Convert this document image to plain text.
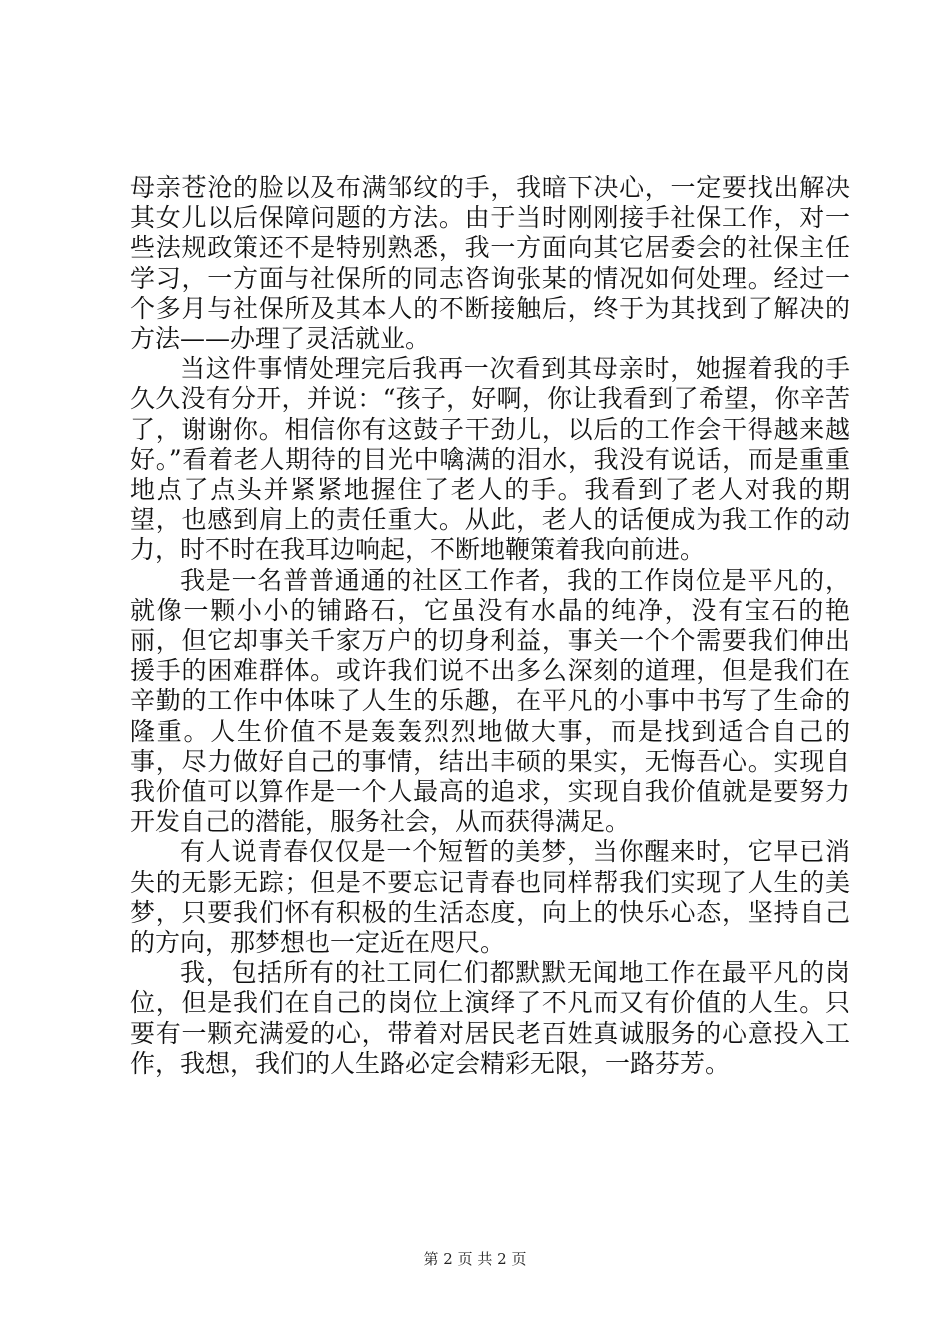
母亲苍沧的脸以及布满邹纹的手，我暗下决心，一定要找出解决其女儿以后保障问题的方法。由于当时刚刚接手社保工作，对一些法规政策还不是特别熟悉，我一方面向其它居委会的社保主任学习，一方面与社保所的同志咨询张某的情况如何处理。经过一个多月与社保所及其本人的不断接触后，终于为其找到了解决的方法——办理了灵活就业。

当这件事情处理完后我再一次看到其母亲时，她握着我的手久久没有分开，并说：“孩子，好啊，你让我看到了希望，你辛苦了，谢谢你。相信你有这鼓子干劲儿，以后的工作会干得越来越好。”看着老人期待的目光中噙满的泪水，我没有说话，而是重重地点了点头并紧紧地握住了老人的手。我看到了老人对我的期望，也感到肩上的责任重大。从此，老人的话便成为我工作的动力，时不时在我耳边响起，不断地鞭策着我向前进。

我是一名普普通通的社区工作者，我的工作岗位是平凡的，就像一颗小小的铺路石，它虽没有水晶的纯净，没有宝石的艳丽，但它却事关千家万户的切身利益，事关一个个需要我们伸出援手的困难群体。或许我们说不出多么深刻的道理，但是我们在辛勤的工作中体味了人生的乐趣，在平凡的小事中书写了生命的隆重。人生价值不是轰轰烈烈地做大事，而是找到适合自己的事，尽力做好自己的事情，结出丰硕的果实，无悔吾心。实现自我价值可以算作是一个人最高的追求，实现自我价值就是要努力开发自己的潜能，服务社会，从而获得满足。

有人说青春仅仅是一个短暂的美梦，当你醒来时，它早已消失的无影无踪；但是不要忘记青春也同样帮我们实现了人生的美梦，只要我们怀有积极的生活态度，向上的快乐心态，坚持自己的方向，那梦想也一定近在咫尺。

我，包括所有的社工同仁们都默默无闻地工作在最平凡的岗位，但是我们在自己的岗位上演绎了不凡而又有价值的人生。只要有一颗充满爱的心，带着对居民老百姓真诚服务的心意投入工作，我想，我们的人生路必定会精彩无限，一路芬芳。

第 2 页 共 2 页
